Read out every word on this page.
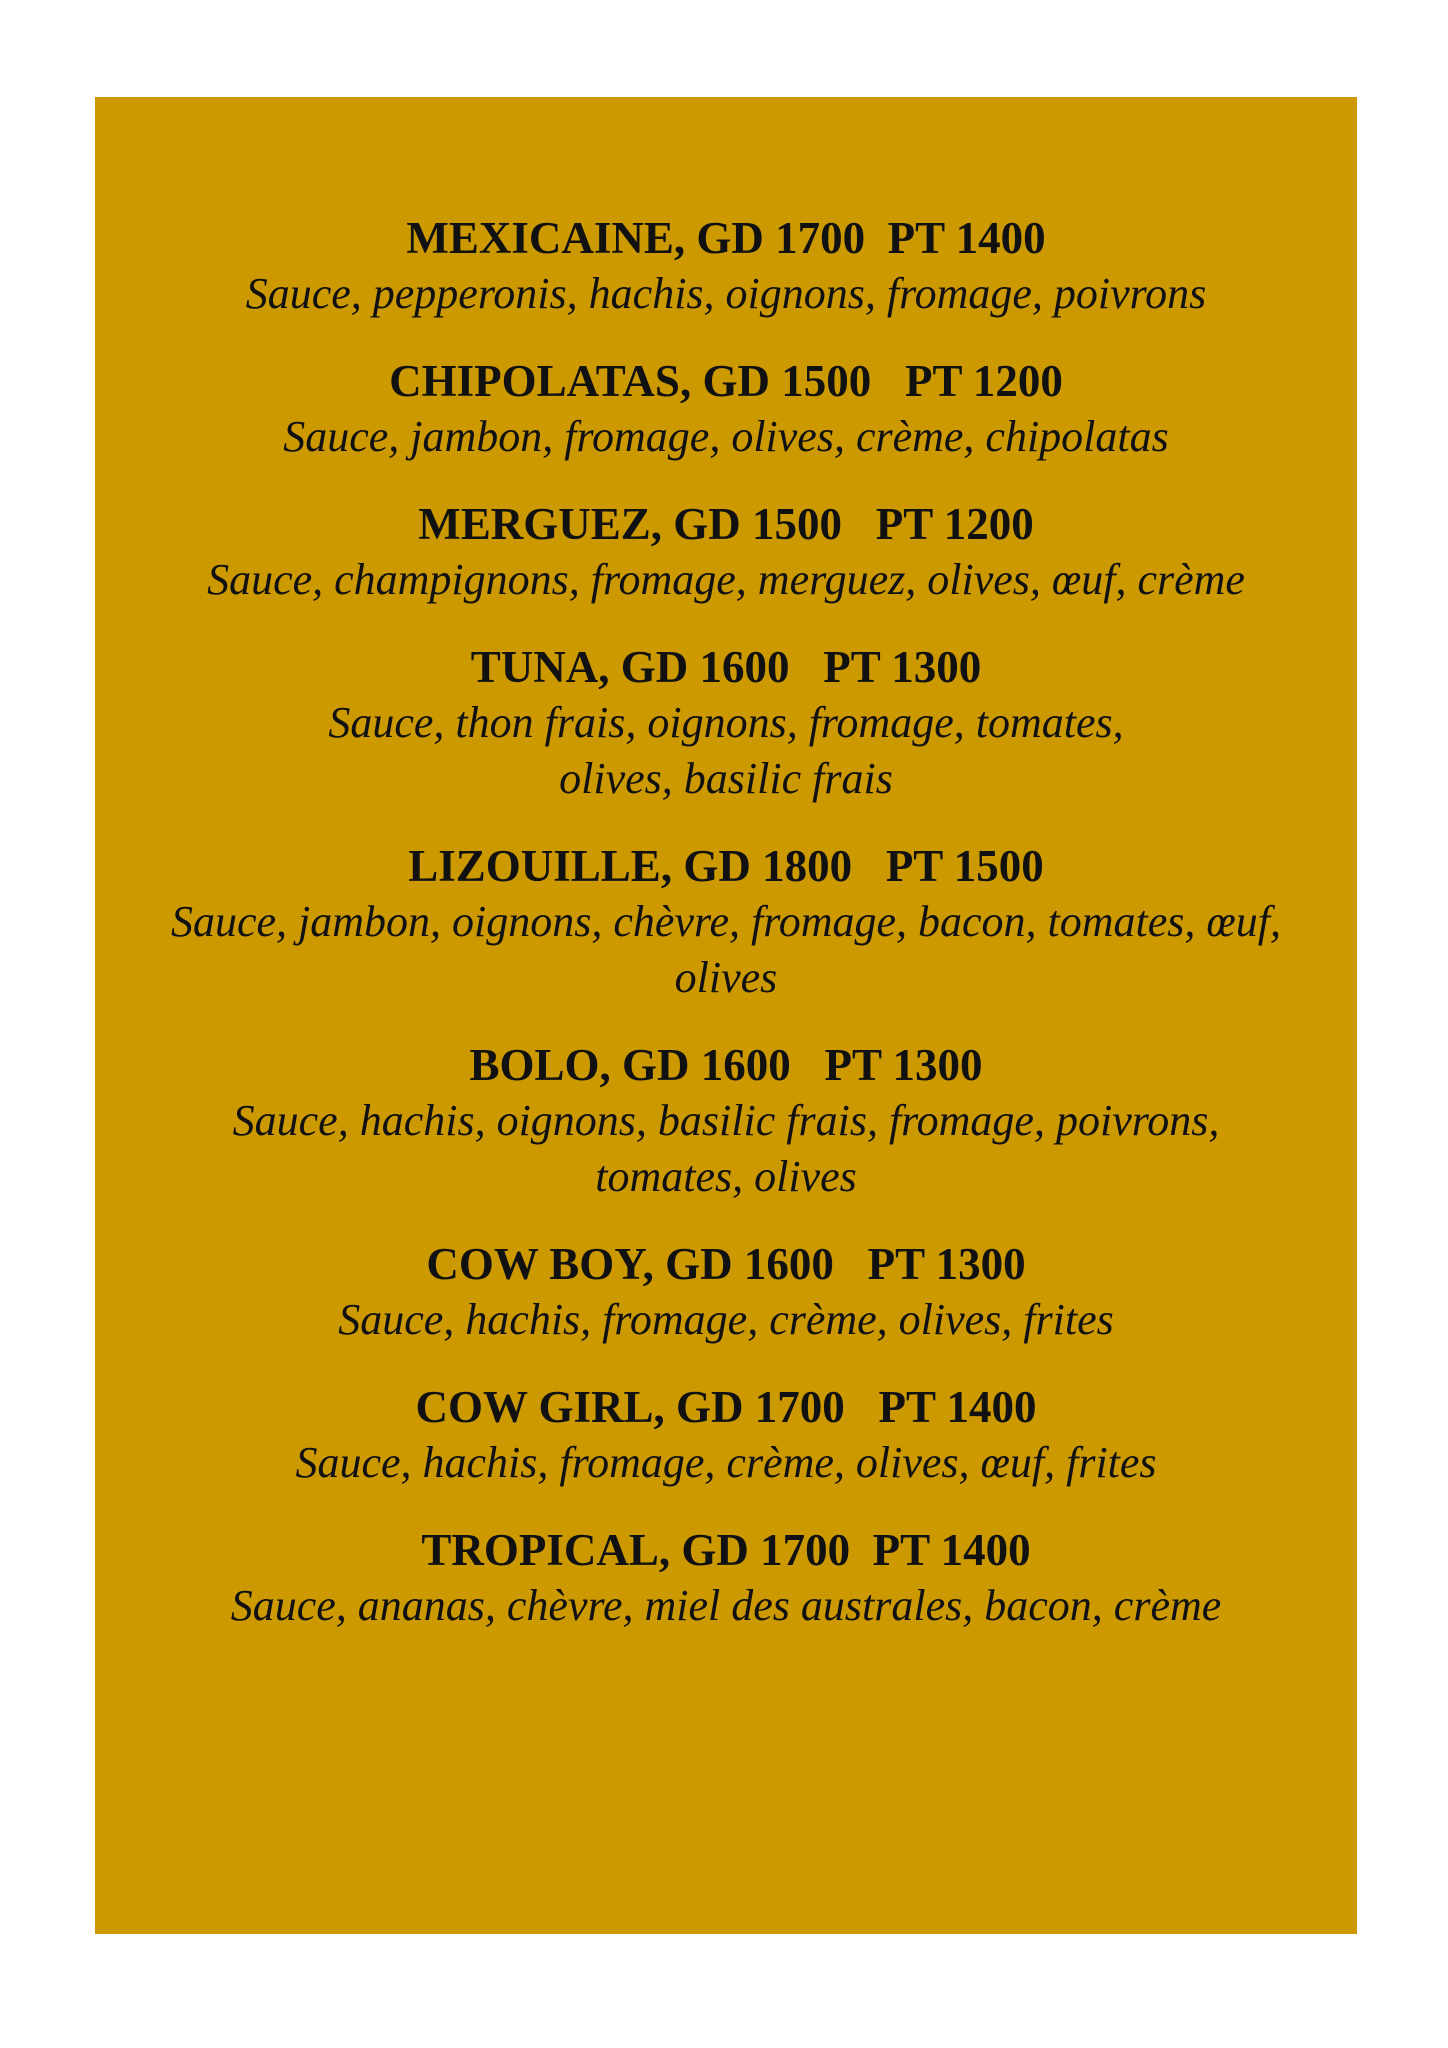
MEXICAINE, GD 1700  PT 1400
Sauce, pepperonis, hachis, oignons, fromage, poivrons
CHIPOLATAS, GD 1500   PT 1200
Sauce, jambon, fromage, olives, crème, chipolatas
MERGUEZ, GD 1500   PT 1200
Sauce, champignons, fromage, merguez, olives, œuf, crème
TUNA, GD 1600   PT 1300
Sauce, thon frais, oignons, fromage, tomates, olives, basilic frais
LIZOUILLE, GD 1800   PT 1500
Sauce, jambon, oignons, chèvre, fromage, bacon, tomates, œuf, olives
BOLO, GD 1600   PT 1300
Sauce, hachis, oignons, basilic frais, fromage, poivrons, tomates, olives
COW BOY, GD 1600   PT 1300
Sauce, hachis, fromage, crème, olives, frites
COW GIRL, GD 1700   PT 1400
Sauce, hachis, fromage, crème, olives, œuf, frites
TROPICAL, GD 1700  PT 1400
Sauce, ananas, chèvre, miel des australes, bacon, crème
